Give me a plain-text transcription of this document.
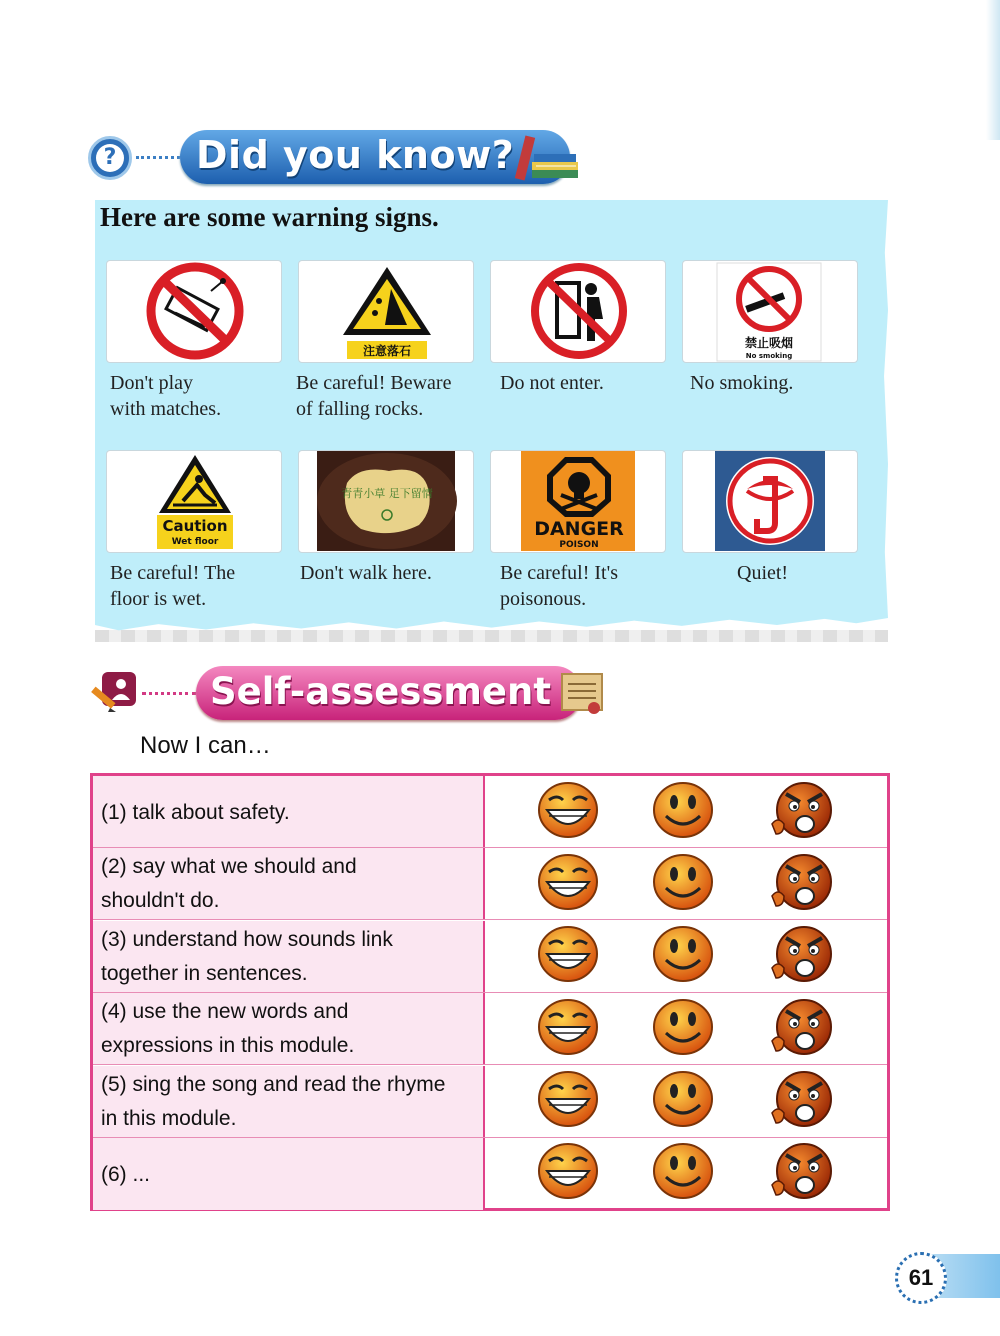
? Did you know?
Here are some warning signs.
注意落石
禁止吸烟
No smoking
Don't play
with matches.
Be careful! Beware
of falling rocks.
Do not enter.	No smoking.
Caution
Wet floor
青青小草 足下留情
DANGER
POISON
Be careful! The
floor is wet.
Don't walk here.	Be careful! It's
poisonous.
Quiet!
Self-assessment
Now I can…
(1) talk about safety.
(2) say what we should and
shouldn't do.
(3) understand how sounds link
together in sentences.
(4) use the new words and
expressions in this module.
(5) sing the song and read the rhyme
in this module.
(6) ...
61
